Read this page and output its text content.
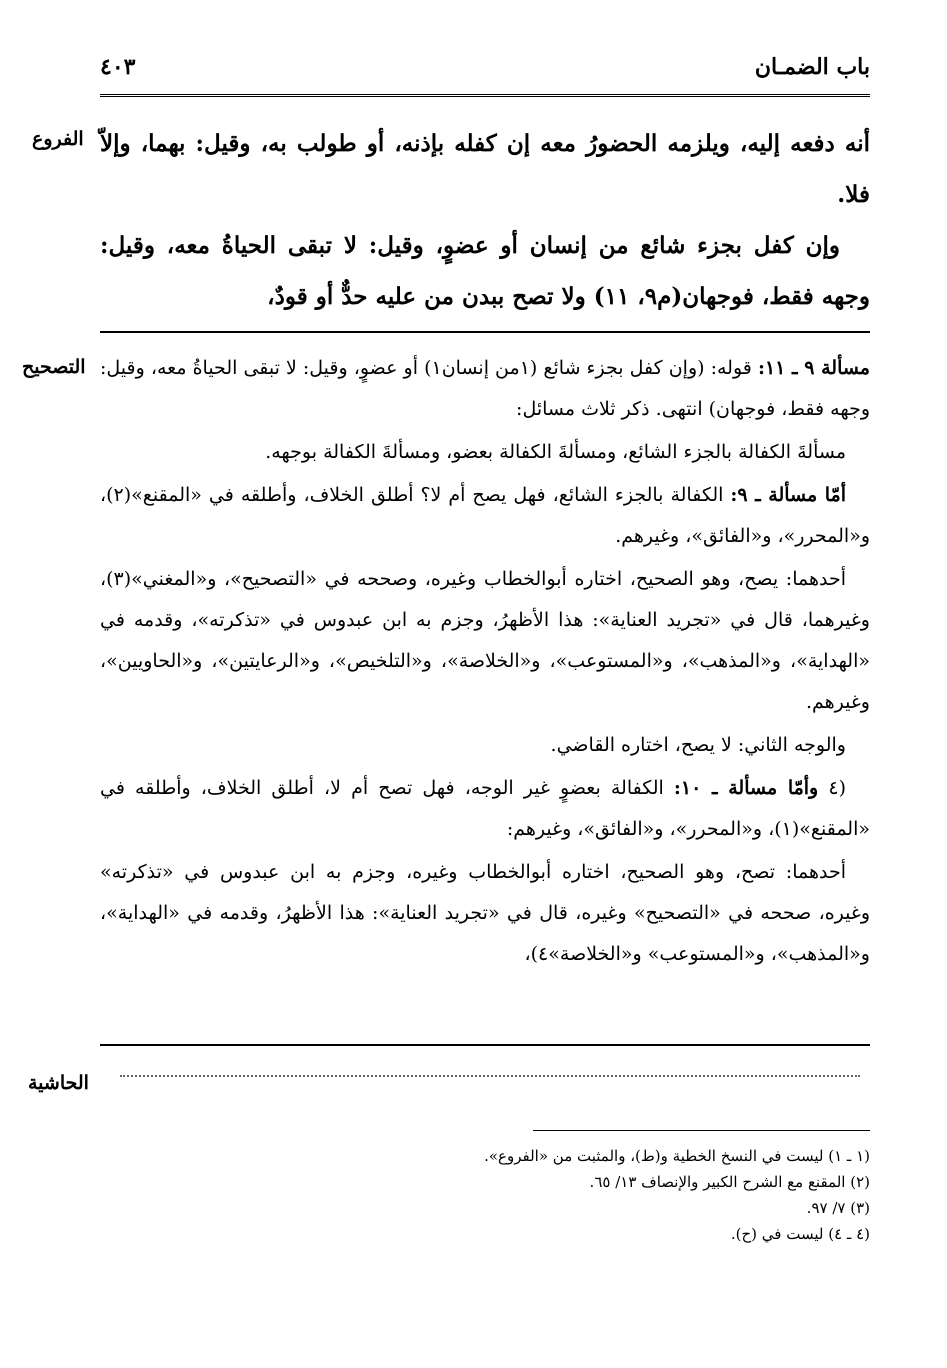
باب الضمـان
٤٠٣
الفروع
التصحيح
الحاشية

أنه دفعه إليه، ويلزمه الحضورُ معه إن كفله بإذنه، أو طولب به، وقيل: بهما، وإلاّ فلا.

وإن كفل بجزء شائع من إنسان أو عضوٍ، وقيل: لا تبقى الحياةُ معه، وقيل: وجهه فقط، فوجهان(م٩، ١١) ولا تصح ببدن من عليه حدٌّ أو قودٌ،

مسألة ٩ ـ ١١: قوله: (وإن كفل بجزء شائع (١من إنسان١) أو عضوٍ، وقيل: لا تبقى الحياةُ معه، وقيل: وجهه فقط، فوجهان) انتهى. ذكر ثلاث مسائل:

مسألةَ الكفالة بالجزء الشائع، ومسألةَ الكفالة بعضو، ومسألةَ الكفالة بوجهه.

أمّا مسألة ـ ٩: الكفالة بالجزء الشائع، فهل يصح أم لا؟ أطلق الخلاف، وأطلقه في «المقنع»(٢)، و«المحرر»، و«الفائق»، وغيرهم.

أحدهما: يصح، وهو الصحيح، اختاره أبوالخطاب وغيره، وصححه في «التصحيح»، و«المغني»(٣)، وغيرهما، قال في «تجريد العناية»: هذا الأظهرُ، وجزم به ابن عبدوس في «تذكرته»، وقدمه في «الهداية»، و«المذهب»، و«المستوعب»، و«الخلاصة»، و«التلخيص»، و«الرعايتين»، و«الحاويين»، وغيرهم.

والوجه الثاني: لا يصح، اختاره القاضي.

(٤ وأمّا مسألة ـ ١٠: الكفالة بعضوٍ غير الوجه، فهل تصح أم لا، أطلق الخلاف، وأطلقه في «المقنع»(١)، و«المحرر»، و«الفائق»، وغيرهم:

أحدهما: تصح، وهو الصحيح، اختاره أبوالخطاب وغيره، وجزم به ابن عبدوس في «تذكرته» وغيره، صححه في «التصحيح» وغيره، قال في «تجريد العناية»: هذا الأظهرُ، وقدمه في «الهداية»، و«المذهب»، و«المستوعب» و«الخلاصة»٤)،

(١ ـ ١) ليست في النسخ الخطية و(ط)، والمثبت من «الفروع».
(٢) المقنع مع الشرح الكبير والإنصاف ١٣/ ٦٥.
(٣) ٧/ ٩٧.
(٤ ـ ٤) ليست في (ح).
